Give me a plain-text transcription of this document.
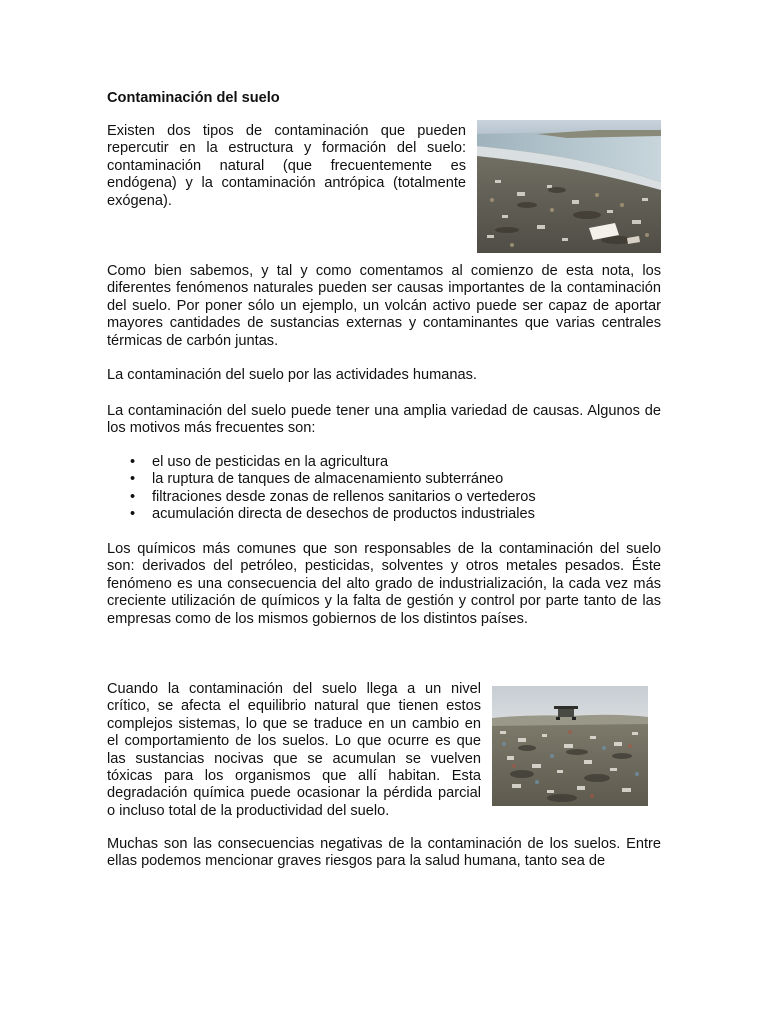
Contaminación del suelo

Existen dos tipos de contaminación que pueden repercutir en la estructura y formación del suelo: contaminación natural (que frecuentemente es endógena) y la contaminación antrópica (totalmente exógena).

Como bien sabemos, y tal y como comentamos al comienzo de esta nota, los diferentes fenómenos naturales pueden ser causas importantes de la contaminación del suelo. Por poner sólo un ejemplo, un volcán activo puede ser capaz de aportar mayores cantidades de sustancias externas y contaminantes que varias centrales térmicas de carbón juntas.

La contaminación del suelo por las actividades humanas.

La contaminación del suelo puede tener una amplia variedad de causas. Algunos de los motivos más frecuentes son:

• el uso de pesticidas en la agricultura
• la ruptura de tanques de almacenamiento subterráneo
• filtraciones desde zonas de rellenos sanitarios o vertederos
• acumulación directa de desechos de productos industriales

Los químicos más comunes que son responsables de la contaminación del suelo son: derivados del petróleo, pesticidas, solventes y otros metales pesados. Éste fenómeno es una consecuencia del alto grado de industrialización, la cada vez más creciente utilización de químicos y la falta de gestión y control por parte tanto de las empresas como de los mismos gobiernos de los distintos países.

Cuando la contaminación del suelo llega a un nivel crítico, se afecta el equilibrio natural que tienen estos complejos sistemas, lo que se traduce en un cambio en el comportamiento de los suelos. Lo que ocurre es que las sustancias nocivas que se acumulan se vuelven tóxicas para los organismos que allí habitan. Esta degradación química puede ocasionar la pérdida parcial o incluso total de la productividad del suelo.

Muchas son las consecuencias negativas de la contaminación de los suelos. Entre ellas podemos mencionar graves riesgos para la salud humana, tanto sea de
